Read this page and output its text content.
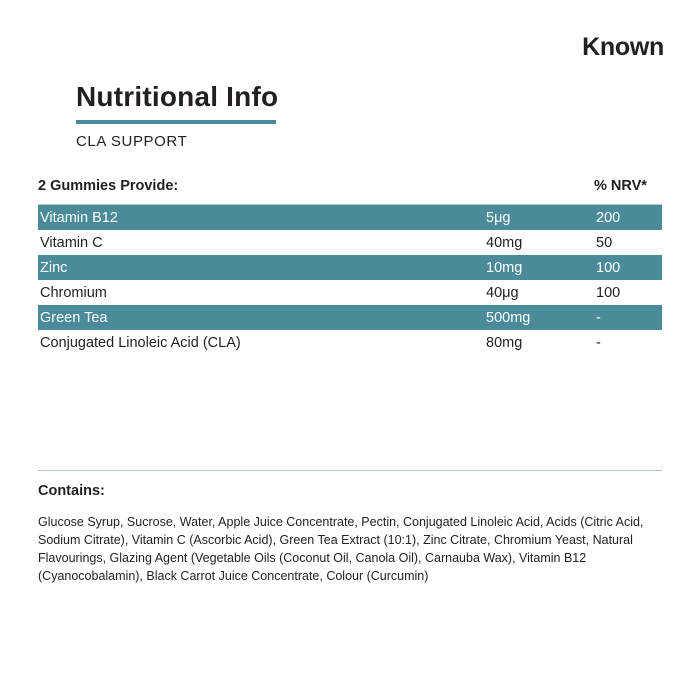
Known
Nutritional Info
CLA SUPPORT
2 Gummies Provide:	% NRV*
Vitamin B12	5μg	200
Vitamin C	40mg	50
Zinc	10mg	100
Chromium	40μg	100
Green Tea	500mg	-
Conjugated Linoleic Acid (CLA)	80mg	-
Contains:
Glucose Syrup, Sucrose, Water, Apple Juice Concentrate, Pectin, Conjugated Linoleic Acid, Acids (Citric Acid, Sodium Citrate), Vitamin C (Ascorbic Acid), Green Tea Extract (10:1), Zinc Citrate, Chromium Yeast, Natural Flavourings, Glazing Agent (Vegetable Oils (Coconut Oil, Canola Oil), Carnauba Wax), Vitamin B12 (Cyanocobalamin), Black Carrot Juice Concentrate, Colour (Curcumin)
